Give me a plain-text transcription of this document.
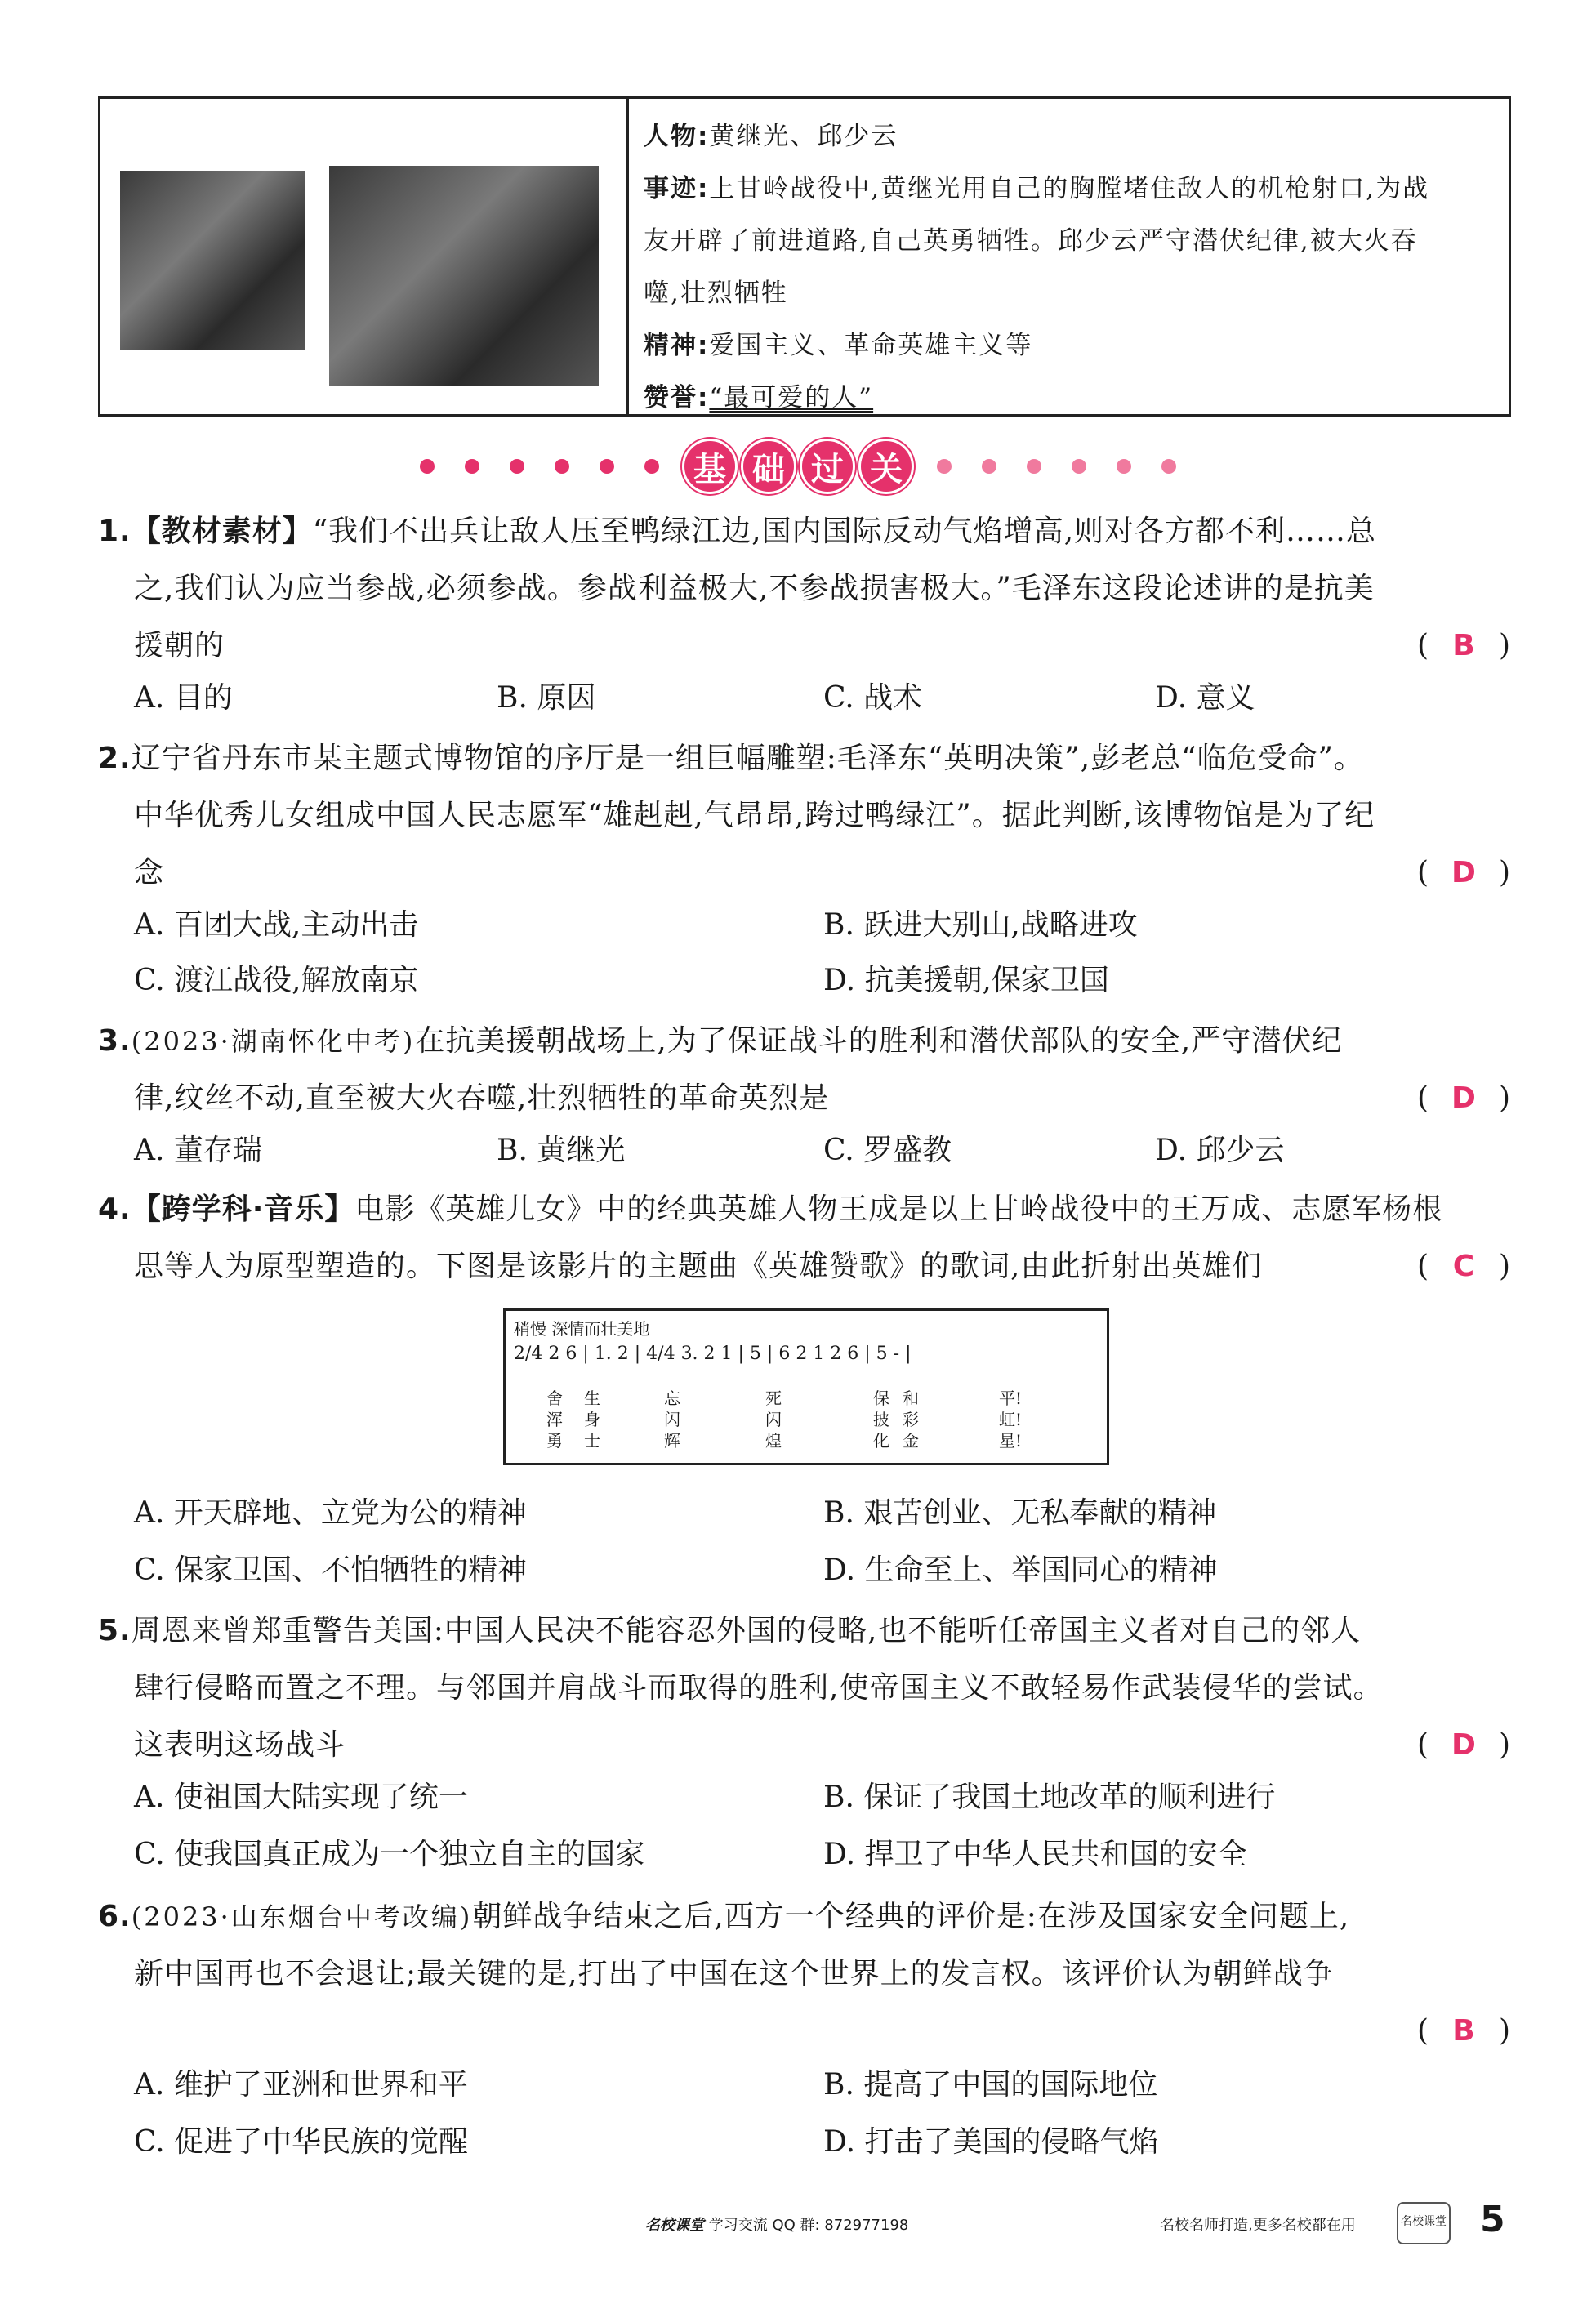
人物:黄继光、邱少云

事迹:上甘岭战役中,黄继光用自己的胸膛堵住敌人的机枪射口,为战

友开辟了前进道路,自己英勇牺牲。邱少云严守潜伏纪律,被大火吞

噬,壮烈牺牲

精神:爱国主义、革命英雄主义等

赞誉:“最可爱的人”

基 础 过 关
1.【教材素材】“我们不出兵让敌人压至鸭绿江边,国内国际反动气焰增高,则对各方都不利……总
之,我们认为应当参战,必须参战。参战利益极大,不参战损害极大。”毛泽东这段论述讲的是抗美
援朝的	( B )
A. 目的	B. 原因	C. 战术	D. 意义
2.辽宁省丹东市某主题式博物馆的序厅是一组巨幅雕塑:毛泽东“英明决策”,彭老总“临危受命”。
中华优秀儿女组成中国人民志愿军“雄赳赳,气昂昂,跨过鸭绿江”。据此判断,该博物馆是为了纪
念	( D )
A. 百团大战,主动出击	B. 跃进大别山,战略进攻
C. 渡江战役,解放南京	D. 抗美援朝,保家卫国
3.(2023·湖南怀化中考)在抗美援朝战场上,为了保证战斗的胜利和潜伏部队的安全,严守潜伏纪
律,纹丝不动,直至被大火吞噬,壮烈牺牲的革命英烈是	( D )
A. 董存瑞	B. 黄继光	C. 罗盛教	D. 邱少云
4.【跨学科·音乐】电影《英雄儿女》中的经典英雄人物王成是以上甘岭战役中的王万成、志愿军杨根
思等人为原型塑造的。下图是该影片的主题曲《英雄赞歌》的歌词,由此折射出英雄们	( C )
稍慢 深情而壮美地
2/4 2 6 | 1. 2 | 4/4 3. 2 1 | 5 | 6 2 1 2 6 | 5 - |
舍
浑
勇
生
身
士
忘
闪
辉
死
闪
煌
保
披
化
和
彩
金
平!
虹!
星!
A. 开天辟地、立党为公的精神	B. 艰苦创业、无私奉献的精神
C. 保家卫国、不怕牺牲的精神	D. 生命至上、举国同心的精神
5.周恩来曾郑重警告美国:中国人民决不能容忍外国的侵略,也不能听任帝国主义者对自己的邻人
肆行侵略而置之不理。与邻国并肩战斗而取得的胜利,使帝国主义不敢轻易作武装侵华的尝试。
这表明这场战斗	( D )
A. 使祖国大陆实现了统一	B. 保证了我国土地改革的顺利进行
C. 使我国真正成为一个独立自主的国家	D. 捍卫了中华人民共和国的安全
6.(2023·山东烟台中考改编)朝鲜战争结束之后,西方一个经典的评价是:在涉及国家安全问题上,
新中国再也不会退让;最关键的是,打出了中国在这个世界上的发言权。该评价认为朝鲜战争
( B )
A. 维护了亚洲和世界和平	B. 提高了中国的国际地位
C. 促进了中华民族的觉醒	D. 打击了美国的侵略气焰
名校课堂 学习交流 QQ 群: 872977198	名校名师打造,更多名校都在用	名校课堂 5
